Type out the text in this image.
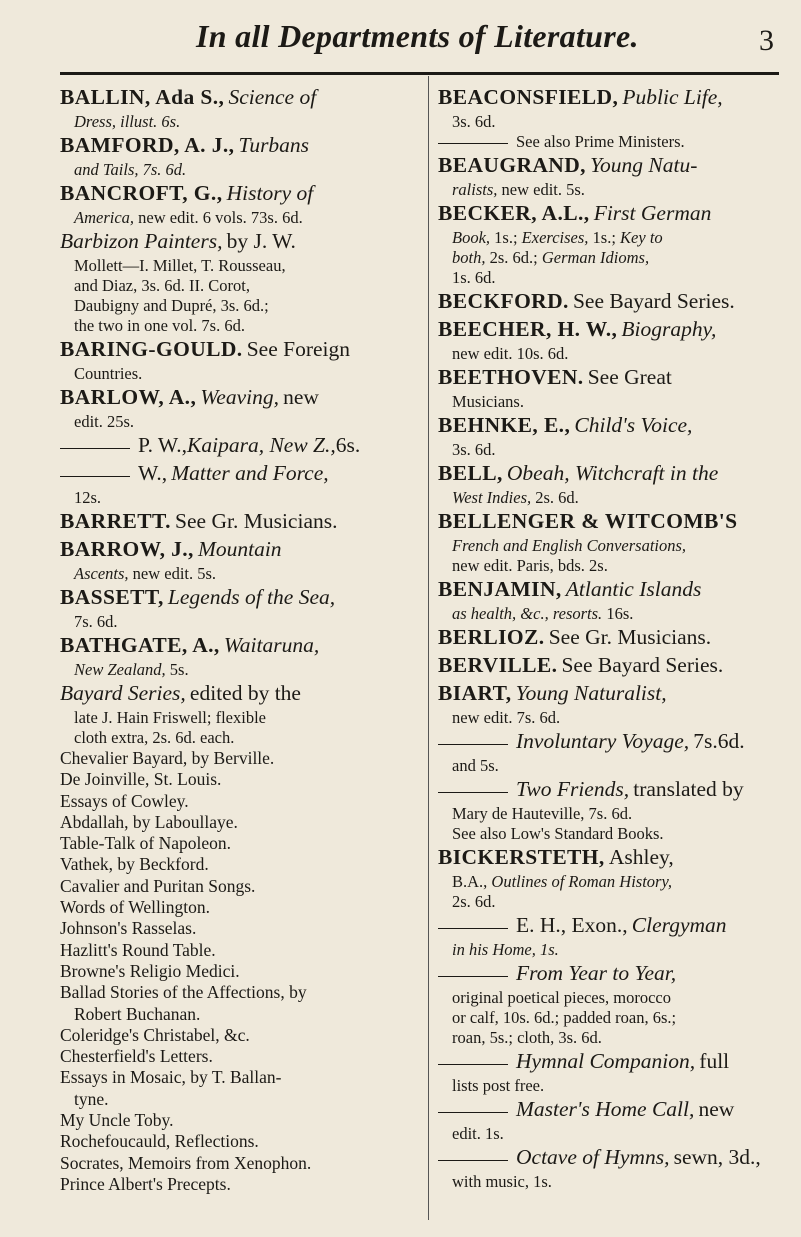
In all Departments of Literature.	3

BALLIN, Ada S., Science of

Dress, illust. 6s.

BAMFORD, A. J., Turbans

and Tails, 7s. 6d.

BANCROFT, G., History of

America, new edit. 6 vols. 73s. 6d.

Barbizon Painters, by J. W.

Mollett—I. Millet, T. Rousseau,

and Diaz, 3s. 6d. II. Corot,

Daubigny and Dupré, 3s. 6d.;

the two in one vol. 7s. 6d.

BARING-GOULD. See Foreign

Countries.

BARLOW, A., Weaving, new

edit. 25s.

P. W.,Kaipara, New Z.,6s.

W., Matter and Force,

12s.

BARRETT. See Gr. Musicians.

BARROW, J., Mountain

Ascents, new edit. 5s.

BASSETT, Legends of the Sea,

7s. 6d.

BATHGATE, A., Waitaruna,

New Zealand, 5s.

Bayard Series, edited by the

late J. Hain Friswell; flexible

cloth extra, 2s. 6d. each.

Chevalier Bayard, by Berville.

De Joinville, St. Louis.

Essays of Cowley.

Abdallah, by Laboullaye.

Table-Talk of Napoleon.

Vathek, by Beckford.

Cavalier and Puritan Songs.

Words of Wellington.

Johnson's Rasselas.

Hazlitt's Round Table.

Browne's Religio Medici.

Ballad Stories of the Affections, by

Robert Buchanan.

Coleridge's Christabel, &c.

Chesterfield's Letters.

Essays in Mosaic, by T. Ballan-

tyne.

My Uncle Toby.

Rochefoucauld, Reflections.

Socrates, Memoirs from Xenophon.

Prince Albert's Precepts.

BEACONSFIELD, Public Life,

3s. 6d.

See also Prime Ministers.

BEAUGRAND, Young Natu-

ralists, new edit. 5s.

BECKER, A.L., First German

Book, 1s.; Exercises, 1s.; Key to

both, 2s. 6d.; German Idioms,

1s. 6d.

BECKFORD. See Bayard Series.

BEECHER, H. W., Biography,

new edit. 10s. 6d.

BEETHOVEN. See Great

Musicians.

BEHNKE, E., Child's Voice,

3s. 6d.

BELL, Obeah, Witchcraft in the

West Indies, 2s. 6d.

BELLENGER & WITCOMB'S

French and English Conversations,

new edit. Paris, bds. 2s.

BENJAMIN, Atlantic Islands

as health, &c., resorts. 16s.

BERLIOZ. See Gr. Musicians.

BERVILLE. See Bayard Series.

BIART, Young Naturalist,

new edit. 7s. 6d.

Involuntary Voyage, 7s.6d.

and 5s.

Two Friends, translated by

Mary de Hauteville, 7s. 6d.

See also Low's Standard Books.

BICKERSTETH, Ashley,

B.A., Outlines of Roman History,

2s. 6d.

E. H., Exon., Clergyman

in his Home, 1s.

From Year to Year,

original poetical pieces, morocco

or calf, 10s. 6d.; padded roan, 6s.;

roan, 5s.; cloth, 3s. 6d.

Hymnal Companion, full

lists post free.

Master's Home Call, new

edit. 1s.

Octave of Hymns, sewn, 3d.,

with music, 1s.
